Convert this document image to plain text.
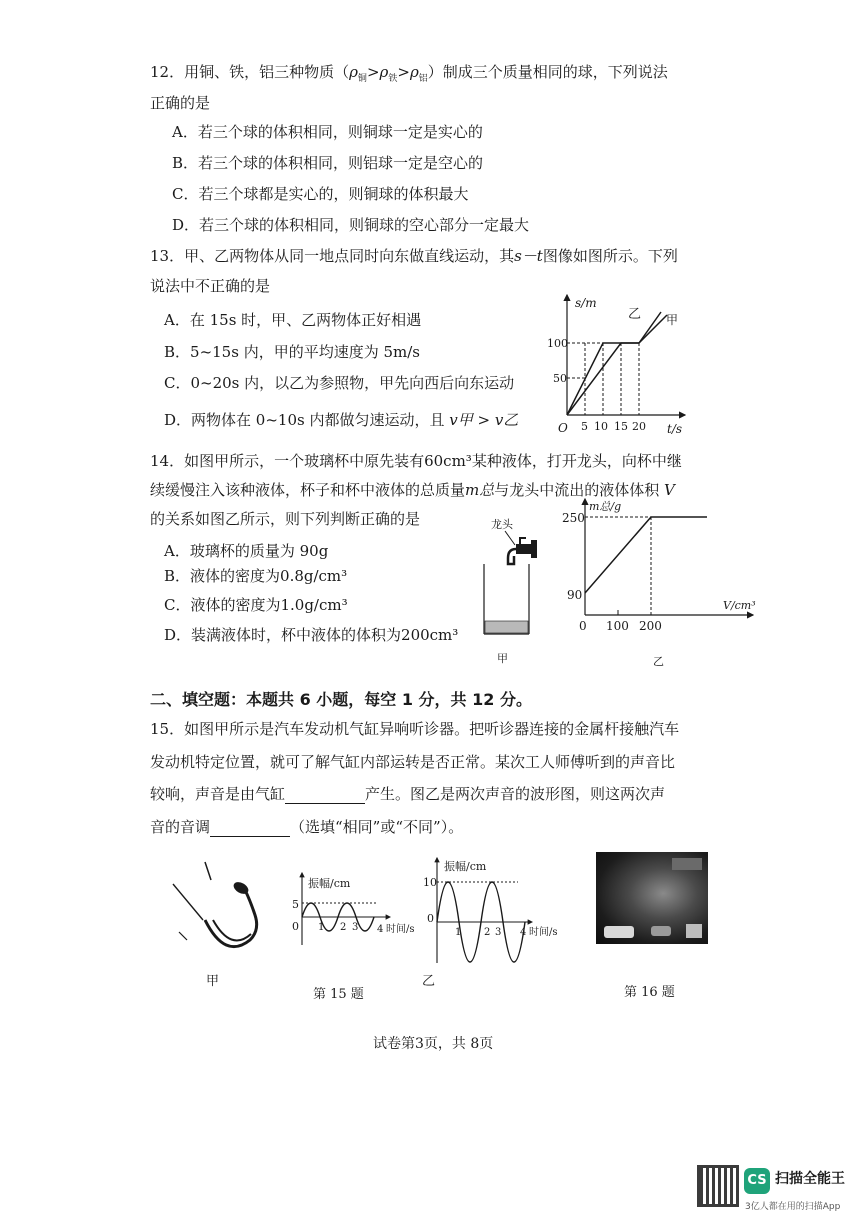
12．用铜、铁，铝三种物质$(\rho_铜>\rho_铁>\rho_铝)$制成三个质量相同的球，下列说法
正确的是
A．若三个球的体积相同，则铜球一定是实心的
B．若三个球的体积相同，则铝球一定是空心的
C．若三个球都是实心的，则铜球的体积最大
D．若三个球的体积相同，则铜球的空心部分一定最大
13．甲、乙两物体从同一地点同时向东做直线运动，其s－t图像如图所示。下列
说法中不正确的是
A．在 15s 时，甲、乙两物体正好相遇
B．5~15s 内，甲的平均速度为 5m/s
C．0~20s 内，以乙为参照物，甲先向西后向东运动
D．两物体在 0~10s 内都做匀速运动，且 v甲 > v乙
s/m
t/s
O
100
50
5 10 15 20
乙 甲
14．如图甲所示，一个玻璃杯中原先装有60cm³某种液体，打开龙头，向杯中继
续缓慢注入该种液体，杯子和杯中液体的总质量m总与龙头中流出的液体体积 V
的关系如图乙所示，则下列判断正确的是
A．玻璃杯的质量为 90g
B．液体的密度为0.8g/cm³
C．液体的密度为1.0g/cm³
D．装满液体时，杯中液体的体积为200cm³
龙头
甲
m总/g
V/cm³
250
90
0 100 200
乙
二、填空题：本题共 6 小题，每空 1 分，共 12 分。
15．如图甲所示是汽车发动机气缸异响听诊器。把听诊器连接的金属杆接触汽车
发动机特定位置，就可了解气缸内部运转是否正常。某次工人师傅听到的声音比
较响，声音是由气缸	产生。图乙是两次声音的波形图，则这两次声
音的音调	（选填“相同”或“不同”）。
甲
振幅/cm
5
0 1 2 3 4 时间/s
振幅/cm
10
0
1 2 3 4 时间/s
乙
第 15 题	第 16 题
试卷第3页，共 8页
CS 扫描全能王
3亿人都在用的扫描App
